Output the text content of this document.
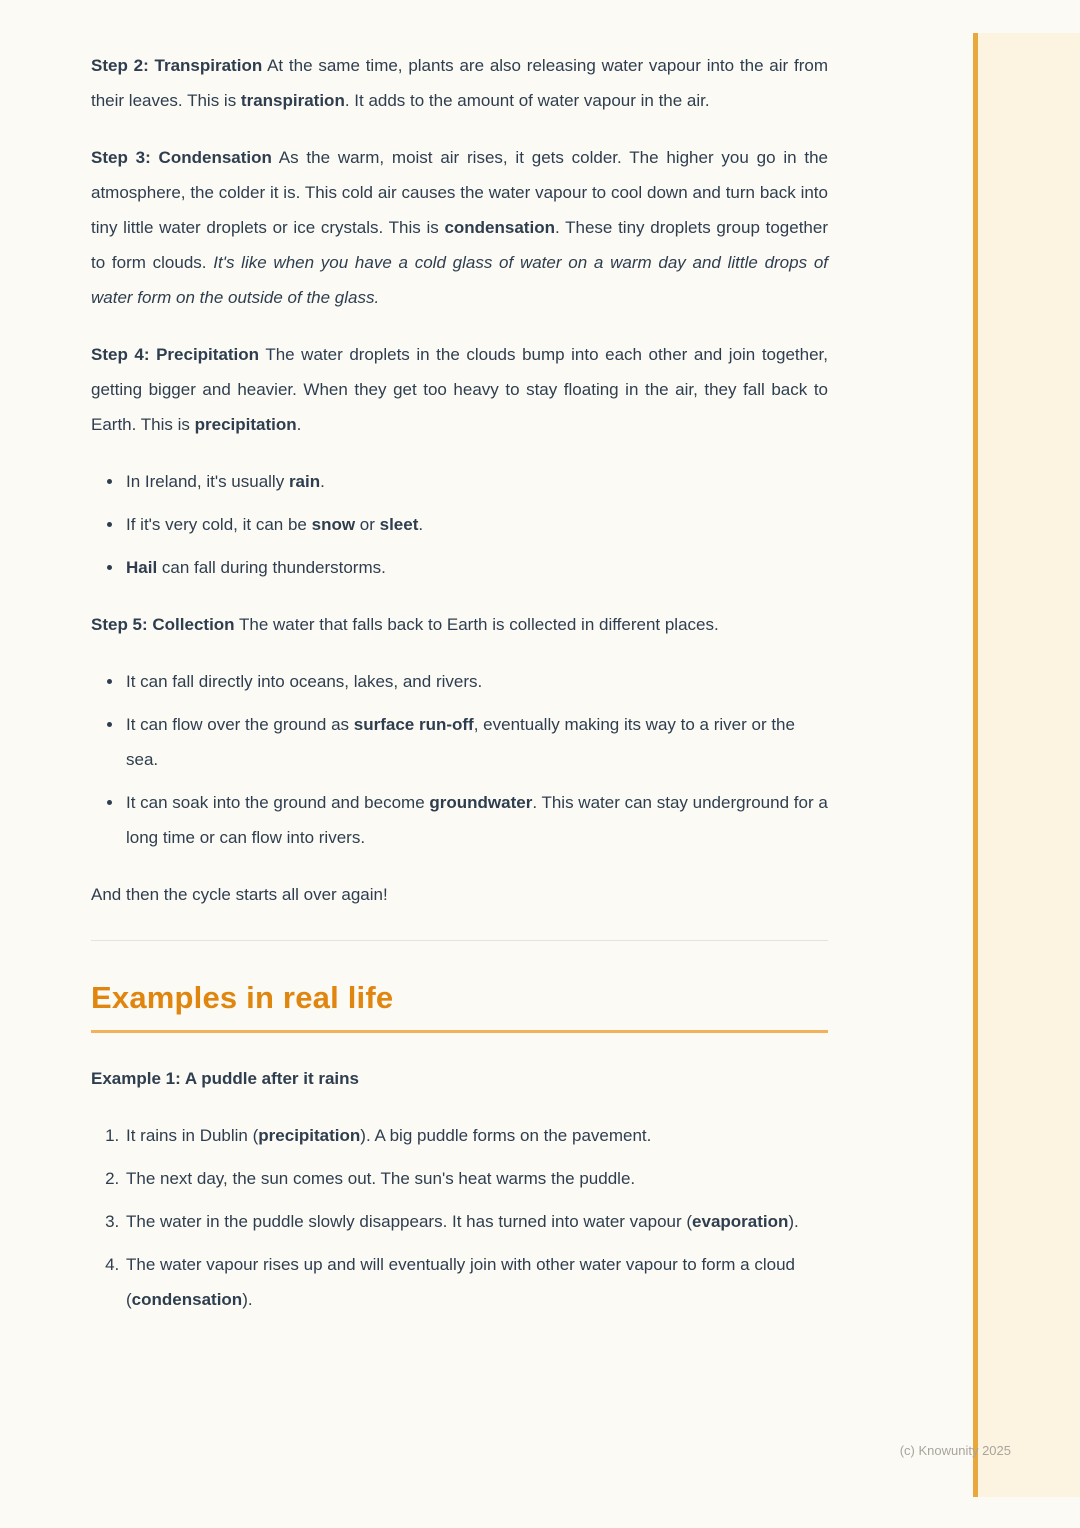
Step 2: Transpiration At the same time, plants are also releasing water vapour into the air from their leaves. This is transpiration. It adds to the amount of water vapour in the air.

Step 3: Condensation As the warm, moist air rises, it gets colder. The higher you go in the atmosphere, the colder it is. This cold air causes the water vapour to cool down and turn back into tiny little water droplets or ice crystals. This is condensation. These tiny droplets group together to form clouds. It's like when you have a cold glass of water on a warm day and little drops of water form on the outside of the glass.

Step 4: Precipitation The water droplets in the clouds bump into each other and join together, getting bigger and heavier. When they get too heavy to stay floating in the air, they fall back to Earth. This is precipitation.

• In Ireland, it's usually rain.
• If it's very cold, it can be snow or sleet.
• Hail can fall during thunderstorms.

Step 5: Collection The water that falls back to Earth is collected in different places.

• It can fall directly into oceans, lakes, and rivers.
• It can flow over the ground as surface run-off, eventually making its way to a river or the sea.
• It can soak into the ground and become groundwater. This water can stay underground for a long time or can flow into rivers.

And then the cycle starts all over again!

Examples in real life

Example 1: A puddle after it rains

1. It rains in Dublin (precipitation). A big puddle forms on the pavement.
2. The next day, the sun comes out. The sun's heat warms the puddle.
3. The water in the puddle slowly disappears. It has turned into water vapour (evaporation).
4. The water vapour rises up and will eventually join with other water vapour to form a cloud (condensation).
(c) Knowunity 2025
